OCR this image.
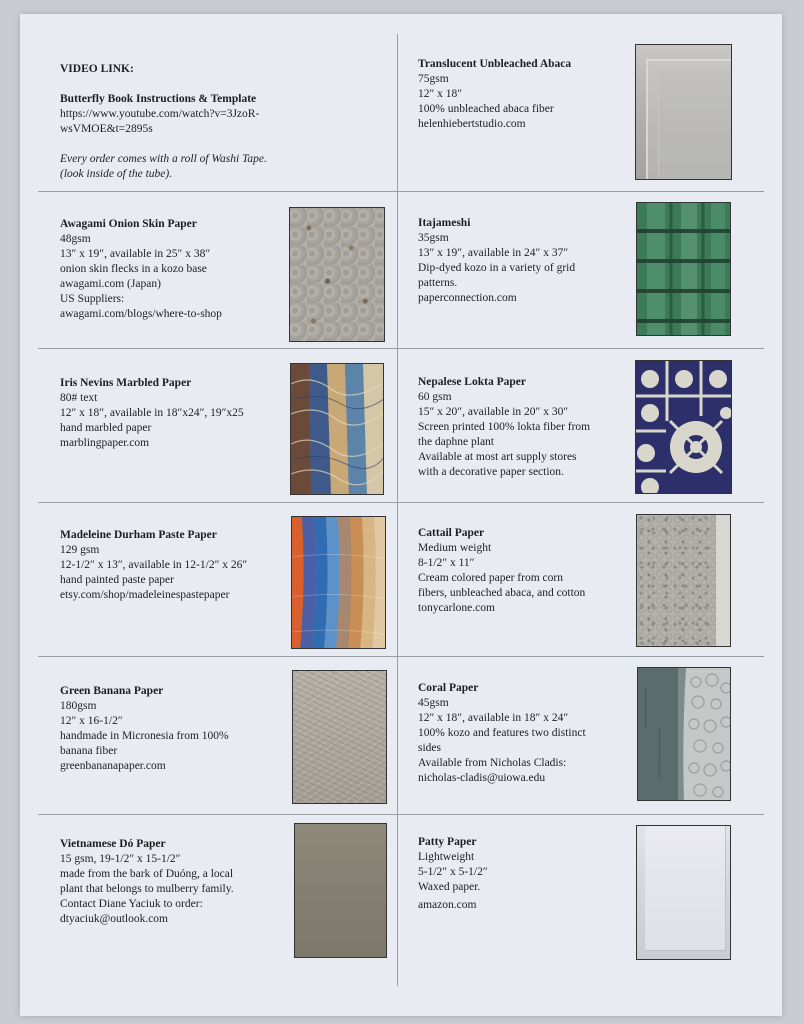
VIDEO LINK:
Butterfly Book Instructions & Template
https://www.youtube.com/watch?v=3JzoR-
wsVMOE&t=2895s
Every order comes with a roll of Washi Tape.
(look inside of the tube).
Translucent Unbleached Abaca
75gsm
12″ x 18″
100% unbleached abaca fiber
helenhiebertstudio.com
Awagami Onion Skin Paper
48gsm
13″ x 19″, available in 25″ x 38″
onion skin flecks in a kozo base
awagami.com (Japan)
US Suppliers:
awagami.com/blogs/where-to-shop
Itajameshi
35gsm
13″ x 19″, available in 24″ x 37″
Dip-dyed kozo in a variety of grid
patterns.
paperconnection.com
Iris Nevins Marbled Paper
80# text
12″ x 18″, available in 18″x24″, 19″x25
hand marbled paper
marblingpaper.com
Nepalese Lokta Paper
60 gsm
15″ x 20″, available in 20″ x 30″
Screen printed 100% lokta fiber from
the daphne plant
Available at most art supply stores
with a decorative paper section.
Madeleine Durham Paste Paper
129 gsm
12-1/2″ x 13″, available in 12-1/2″ x 26″
hand painted paste paper
etsy.com/shop/madeleinespastepaper
Cattail Paper
Medium weight
8-1/2″ x 11″
Cream colored paper from corn
fibers, unbleached abaca, and cotton
tonycarlone.com
Green Banana Paper
180gsm
12″ x 16-1/2″
handmade in Micronesia from 100%
banana fiber
greenbananapaper.com
Coral Paper
45gsm
12″ x 18″, available in 18″ x 24″
100% kozo and features two distinct
sides
Available from Nicholas Cladis:
nicholas-cladis@uiowa.edu
Vietnamese Dó Paper
15 gsm, 19-1/2″ x 15-1/2″
made from the bark of Duóng, a local
plant that belongs to mulberry family.
Contact Diane Yaciuk to order:
dtyaciuk@outlook.com
Patty Paper
Lightweight
5-1/2″ x 5-1/2″
Waxed paper.
amazon.com
